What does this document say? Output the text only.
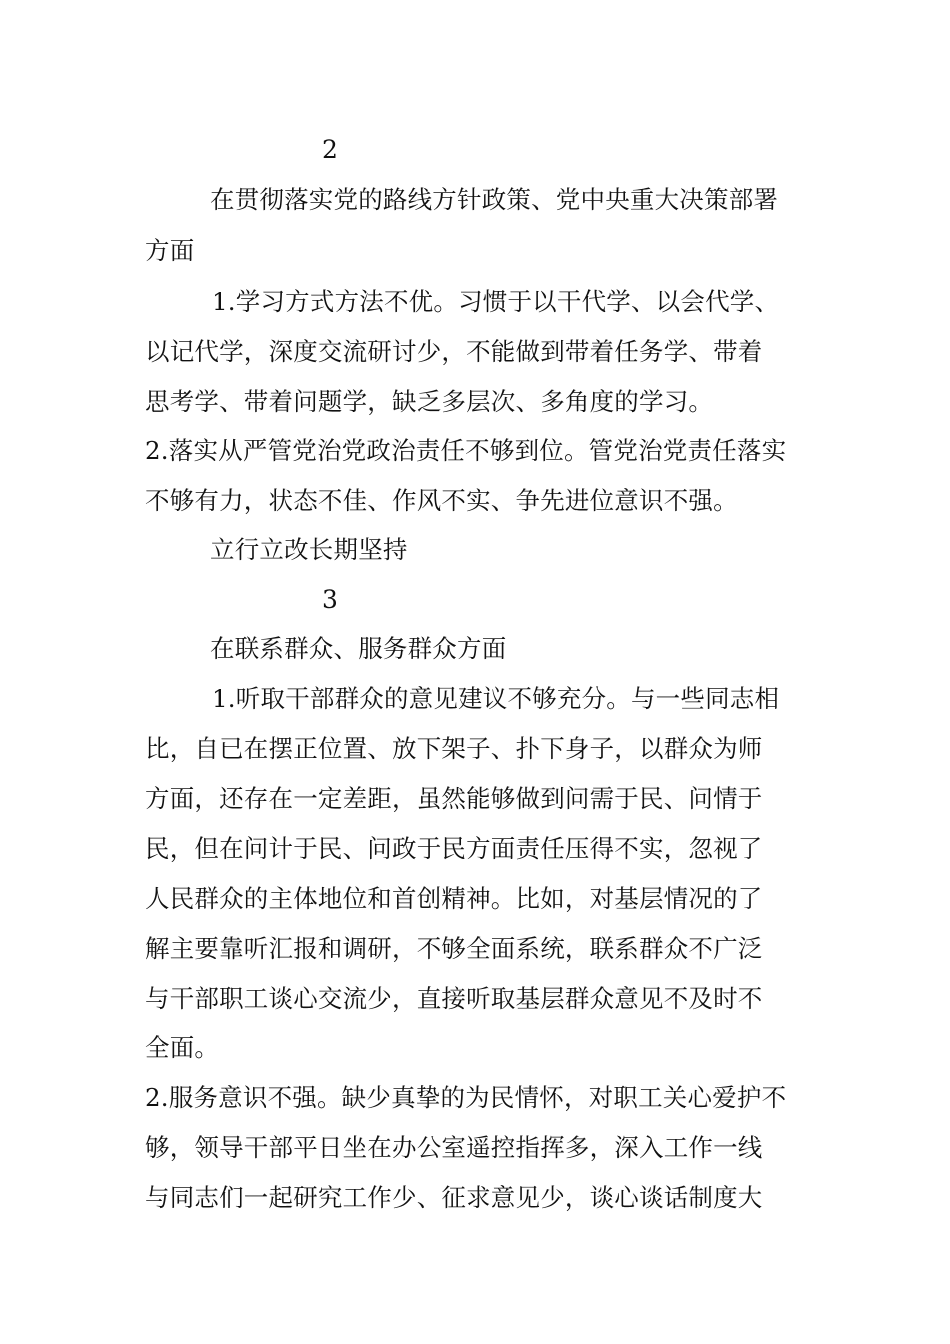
2
在贯彻落实党的路线方针政策、党中央重大决策部署
方面
1.学习方式方法不优。习惯于以干代学、以会代学、
以记代学，深度交流研讨少，不能做到带着任务学、带着
思考学、带着问题学，缺乏多层次、多角度的学习。
2.落实从严管党治党政治责任不够到位。管党治党责任落实
不够有力，状态不佳、作风不实、争先进位意识不强。
立行立改长期坚持
3
在联系群众、服务群众方面
1.听取干部群众的意见建议不够充分。与一些同志相
比，自已在摆正位置、放下架子、扑下身子，以群众为师
方面，还存在一定差距，虽然能够做到问需于民、问情于
民，但在问计于民、问政于民方面责任压得不实，忽视了
人民群众的主体地位和首创精神。比如，对基层情况的了
解主要靠听汇报和调研，不够全面系统，联系群众不广泛
与干部职工谈心交流少，直接听取基层群众意见不及时不
全面。
2.服务意识不强。缺少真挚的为民情怀，对职工关心爱护不
够，领导干部平日坐在办公室遥控指挥多，深入工作一线
与同志们一起研究工作少、征求意见少，谈心谈话制度大
